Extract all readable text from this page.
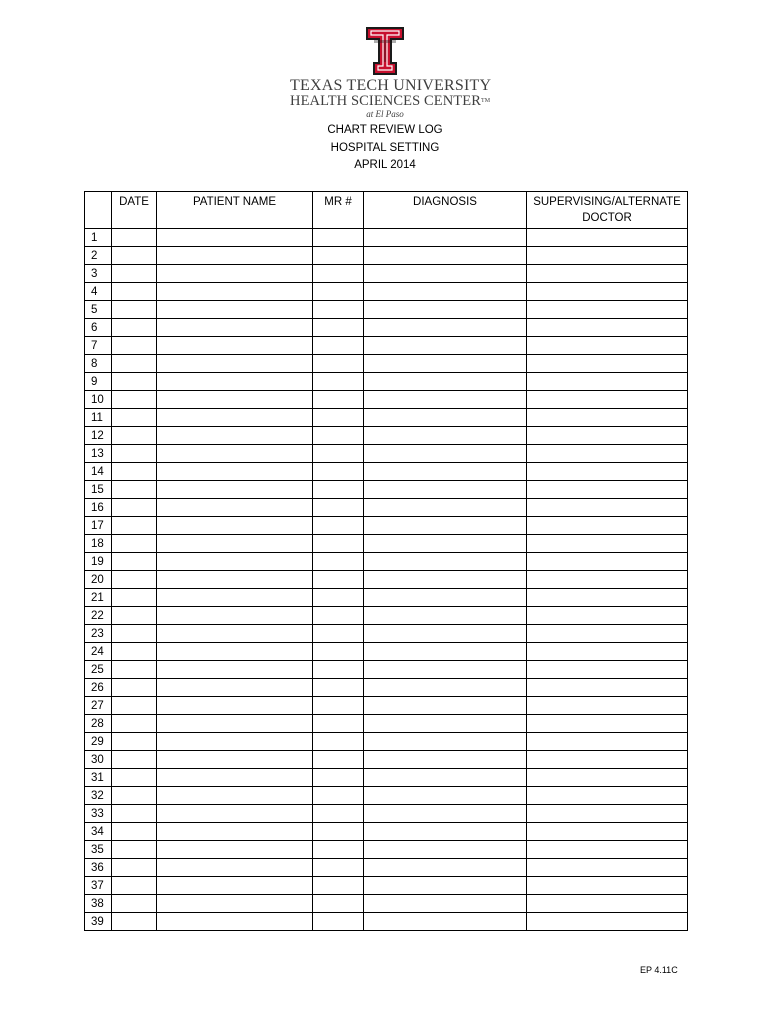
TEXAS TECH UNIVERSITY
HEALTH SCIENCES CENTER™
at El Paso
CHART REVIEW LOG
HOSPITAL SETTING
APRIL 2014
	DATE	PATIENT NAME	MR #	DIAGNOSIS	SUPERVISING/ALTERNATE DOCTOR
1					
2					
3					
4					
5					
6					
7					
8					
9					
10					
11					
12					
13					
14					
15					
16					
17					
18					
19					
20					
21					
22					
23					
24					
25					
26					
27					
28					
29					
30					
31					
32					
33					
34					
35					
36					
37					
38					
39					
EP 4.11C
